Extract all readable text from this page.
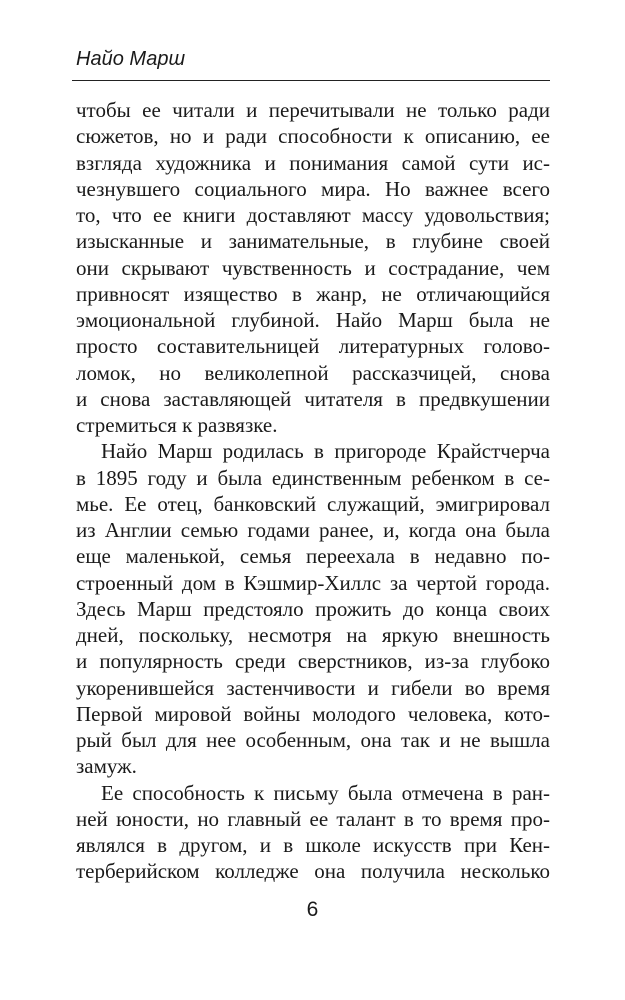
Найо Марш
чтобы ее читали и перечитывали не только ради
сюжетов, но и ради способности к описанию, ее
взгляда художника и понимания самой сути ис-
чезнувшего социального мира. Но важнее всего
то, что ее книги доставляют массу удовольствия;
изысканные и занимательные, в глубине своей
они скрывают чувственность и сострадание, чем
привносят изящество в жанр, не отличающийся
эмоциональной глубиной. Найо Марш была не
просто составительницей литературных голово-
ломок, но великолепной рассказчицей, снова
и снова заставляющей читателя в предвкушении
стремиться к развязке.
Найо Марш родилась в пригороде Крайстчерча
в 1895 году и была единственным ребенком в се-
мье. Ее отец, банковский служащий, эмигрировал
из Англии семью годами ранее, и, когда она была
еще маленькой, семья переехала в недавно по-
строенный дом в Кэшмир-Хиллс за чертой города.
Здесь Марш предстояло прожить до конца своих
дней, поскольку, несмотря на яркую внешность
и популярность среди сверстников, из-за глубоко
укоренившейся застенчивости и гибели во время
Первой мировой войны молодого человека, кото-
рый был для нее особенным, она так и не вышла
замуж.
Ее способность к письму была отмечена в ран-
ней юности, но главный ее талант в то время про-
являлся в другом, и в школе искусств при Кен-
терберийском колледже она получила несколько
6
